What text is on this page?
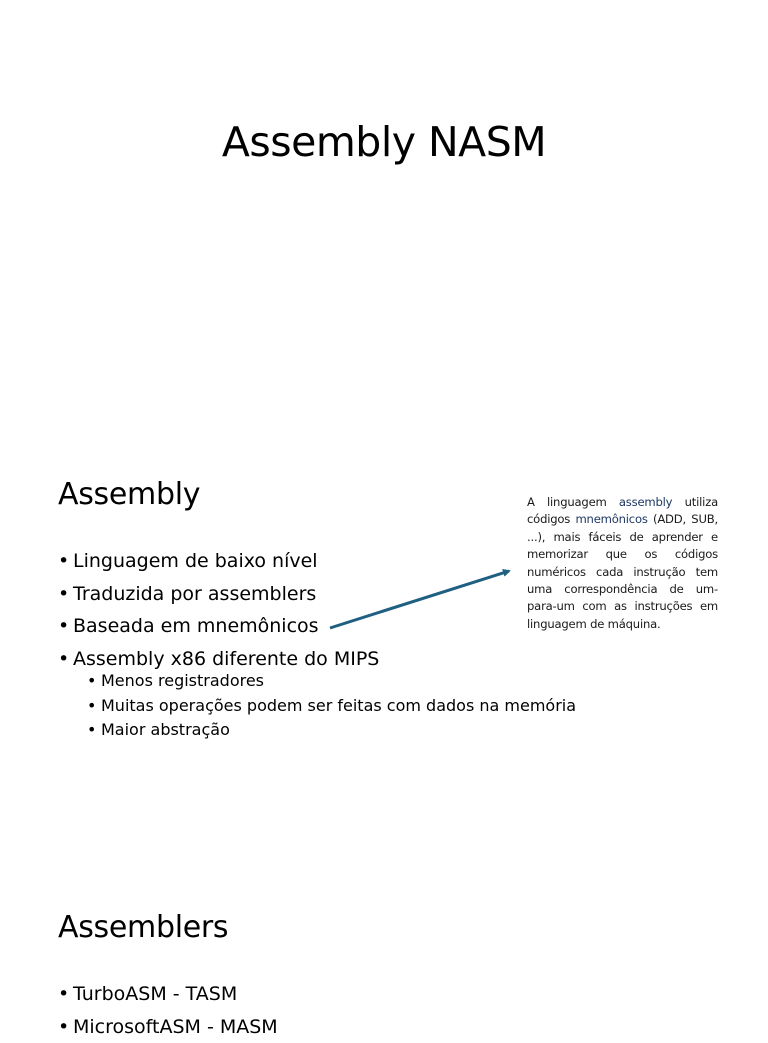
Assembly NASM
Assembly
• Linguagem de baixo nível
• Traduzida por assemblers
• Baseada em mnemônicos
• Assembly x86 diferente do MIPS
• Menos registradores
• Muitas operações podem ser feitas com dados na memória
• Maior abstração

A linguagem assembly utiliza códigos mnemônicos (ADD, SUB, ...), mais fáceis de aprender e memorizar que os códigos numéricos cada instrução tem uma correspondência de um-para-um com as instruções em linguagem de máquina.

Assemblers
• TurboASM - TASM
• MicrosoftASM - MASM
